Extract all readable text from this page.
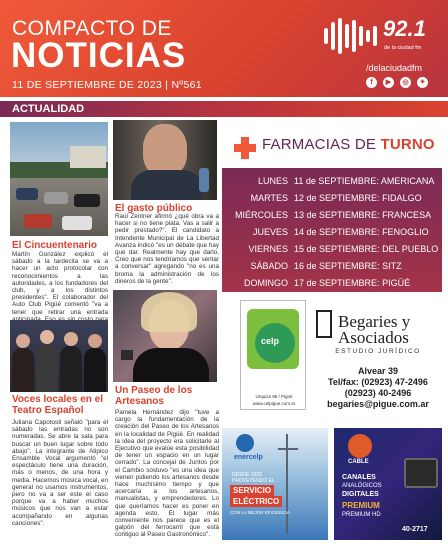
COMPACTO DE
NOTICIAS
11 DE SEPTIEMBRE DE 2023 | Nº561
92.1
de la ciudad fm
/delaciudadfm
f	▶	◎	✦
ACTUALIDAD
El Cincuentenario
Martín González explicó el sábado a la tardecita se va a hacer un acto protocolar con reconocimientos a las autoridades, a los fundadores del club, y a los distintos presidentes". El colaborador del Auto Club Pigüé comentó "va a tener que retirar una entrada
El gasto público
Raúl Zentner afirmó ¿qué obra va a hacer si no tiene plata. Vas a salir a pedir prestado?". El candidato a Intendente Municipal de La Libertad Avanza indicó "es un debate que hay que dar. Realmente hay que darlo. Creo que nos tendríamos que sentar a conversar" agregando "no es una broma la administración de los dineros de la gente".
Un Paseo de los Artesanos
Pamela Hernández dijo "tuve a cargo la fundamentación de la creación del Paseo de los Artesanos en la localidad de Pigüé. En realidad la idea del proyecto era solicitarle al Ejecutivo que evalúe esta posibilidad de tener un espacio en un lugar cerrado". La concejal de Juntos por el Cambio sostuvo "es una idea que vienen pidiendo los artesanos desde hace muchísimo tiempo y que acercaría a los artesanos, manualistas, y emprendedores. Lo que queríamos hacer es poner en agenda esto. El lugar más conveniente nos parece que es el galpón del ferrocarril que está contiguo al Paseo Gastronómico".
Voces locales en el Teatro Español
Juliana Capotosti señaló "para el sábado las entradas no son numeradas. Se abre la sala para buscar un buen lugar sobre todo abajo". La integrante de Atipico Ensamble Vocal argumentó "el espectáculo tiene una duración, más o menos, de una hora y media. Hacemos música vocal, en general no usamos instrumentos, pero no va a ser este el caso porque va a haber muchos músicos que nos van a estar acompañando en algunas canciones".
FARMACIAS DE TURNO
LUNES 11 de SEPTIEMBRE: AMERICANA
MARTES 12 de SEPTIEMBRE: FIDALGO
MIÉRCOLES 13 de SEPTIEMBRE: FRANCESA
JUEVES 14 de SEPTIEMBRE: FENOGLIO
VIERNES 15 de SEPTIEMBRE: DEL PUEBLO
SÁBADO 16 de SEPTIEMBRE: SITZ
DOMINGO 17 de SEPTIEMBRE: PIGÜÉ
celp
Urquiza 95 / Pigüé
www.celpigue.com.ar
Begaries y
Asociados
ESTUDIO JURÍDICO
Alvear 39
Tel/fax: (02923) 47-2496
(02923) 40-2496
begaries@pigue.com.ar
enercelp
DESDE 1933
PROVEYENDO EL
SERVICIO
ELÉCTRICO
CON LA MEJOR EFICIENCIA
CABLE
CANALES
ANALÓGICOS
DIGITALES
PREMIUM
PREMIUM HD
40-2717
